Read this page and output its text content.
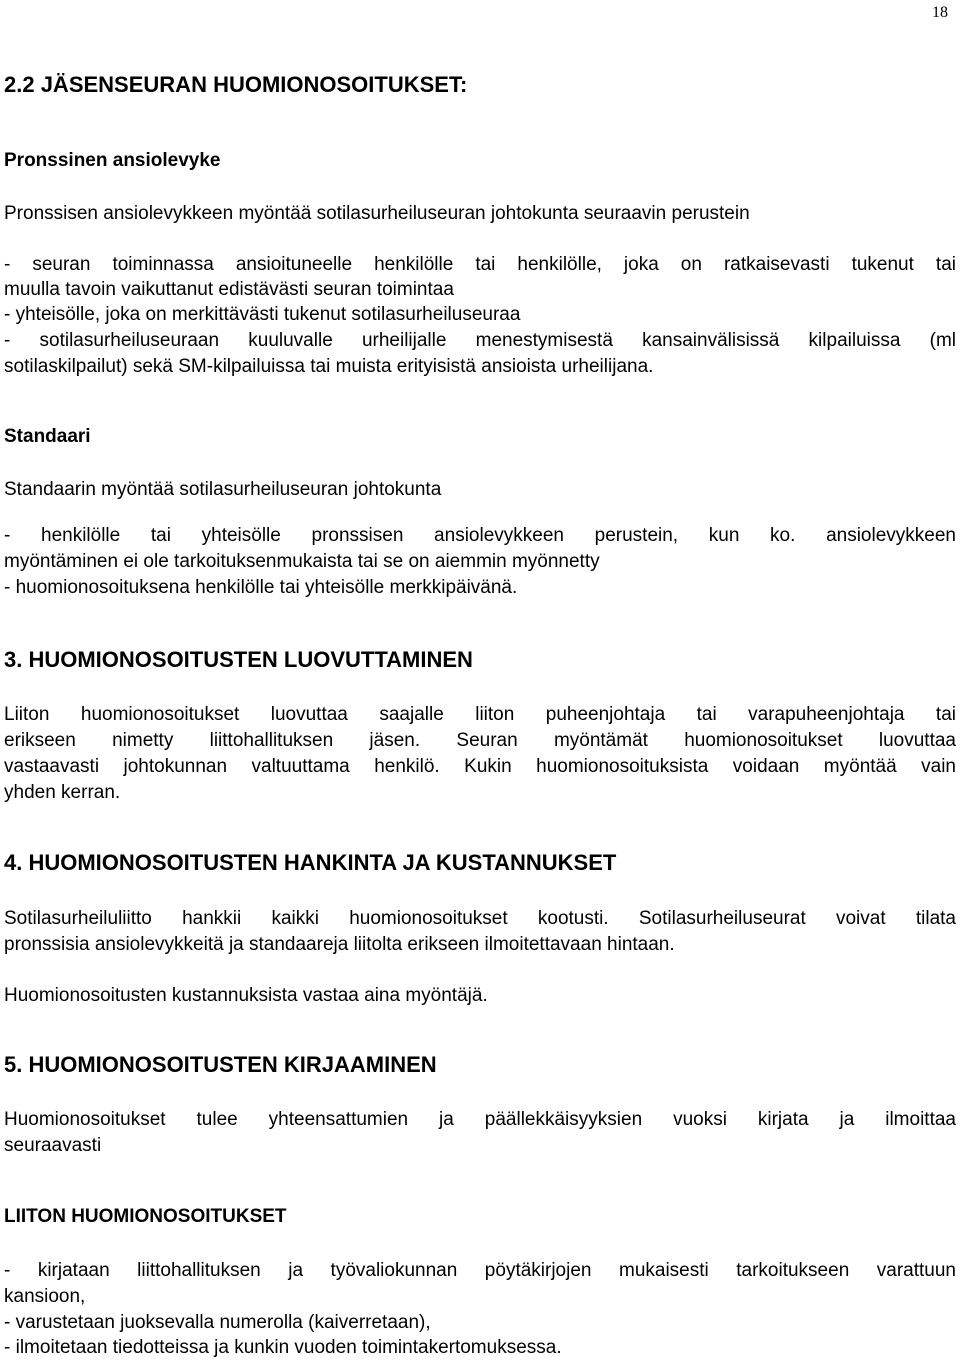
18
2.2 JÄSENSEURAN HUOMIONOSOITUKSET:
Pronssinen ansiolevyke
Pronssisen ansiolevykkeen myöntää sotilasurheiluseuran johtokunta seuraavin perustein
- seuran toiminnassa ansioituneelle henkilölle tai henkilölle, joka on ratkaisevasti tukenut tai
muulla tavoin vaikuttanut edistävästi seuran toimintaa
- yhteisölle, joka on merkittävästi tukenut sotilasurheiluseuraa
- sotilasurheiluseuraan kuuluvalle urheilijalle menestymisestä kansainvälisissä kilpailuissa (ml
sotilaskilpailut) sekä SM-kilpailuissa tai muista erityisistä ansioista urheilijana.
Standaari
Standaarin myöntää sotilasurheiluseuran johtokunta
- henkilölle tai yhteisölle pronssisen ansiolevykkeen perustein, kun ko. ansiolevykkeen
myöntäminen ei ole tarkoituksenmukaista tai se on aiemmin myönnetty
- huomionosoituksena henkilölle tai yhteisölle merkkipäivänä.
3. HUOMIONOSOITUSTEN LUOVUTTAMINEN
Liiton huomionosoitukset luovuttaa saajalle liiton puheenjohtaja tai varapuheenjohtaja tai
erikseen nimetty liittohallituksen jäsen. Seuran myöntämät huomionosoitukset luovuttaa
vastaavasti johtokunnan valtuuttama henkilö. Kukin huomionosoituksista voidaan myöntää vain
yhden kerran.
4. HUOMIONOSOITUSTEN HANKINTA JA KUSTANNUKSET
Sotilasurheiluliitto hankkii kaikki huomionosoitukset kootusti. Sotilasurheiluseurat voivat tilata
pronssisia ansiolevykkeitä ja standaareja liitolta erikseen ilmoitettavaan hintaan.
Huomionosoitusten kustannuksista vastaa aina myöntäjä.
5. HUOMIONOSOITUSTEN KIRJAAMINEN
Huomionosoitukset tulee yhteensattumien ja päällekkäisyyksien vuoksi kirjata ja ilmoittaa
seuraavasti
LIITON HUOMIONOSOITUKSET
- kirjataan liittohallituksen ja työvaliokunnan pöytäkirjojen mukaisesti tarkoitukseen varattuun
kansioon,
- varustetaan juoksevalla numerolla (kaiverretaan),
- ilmoitetaan tiedotteissa ja kunkin vuoden toimintakertomuksessa.
